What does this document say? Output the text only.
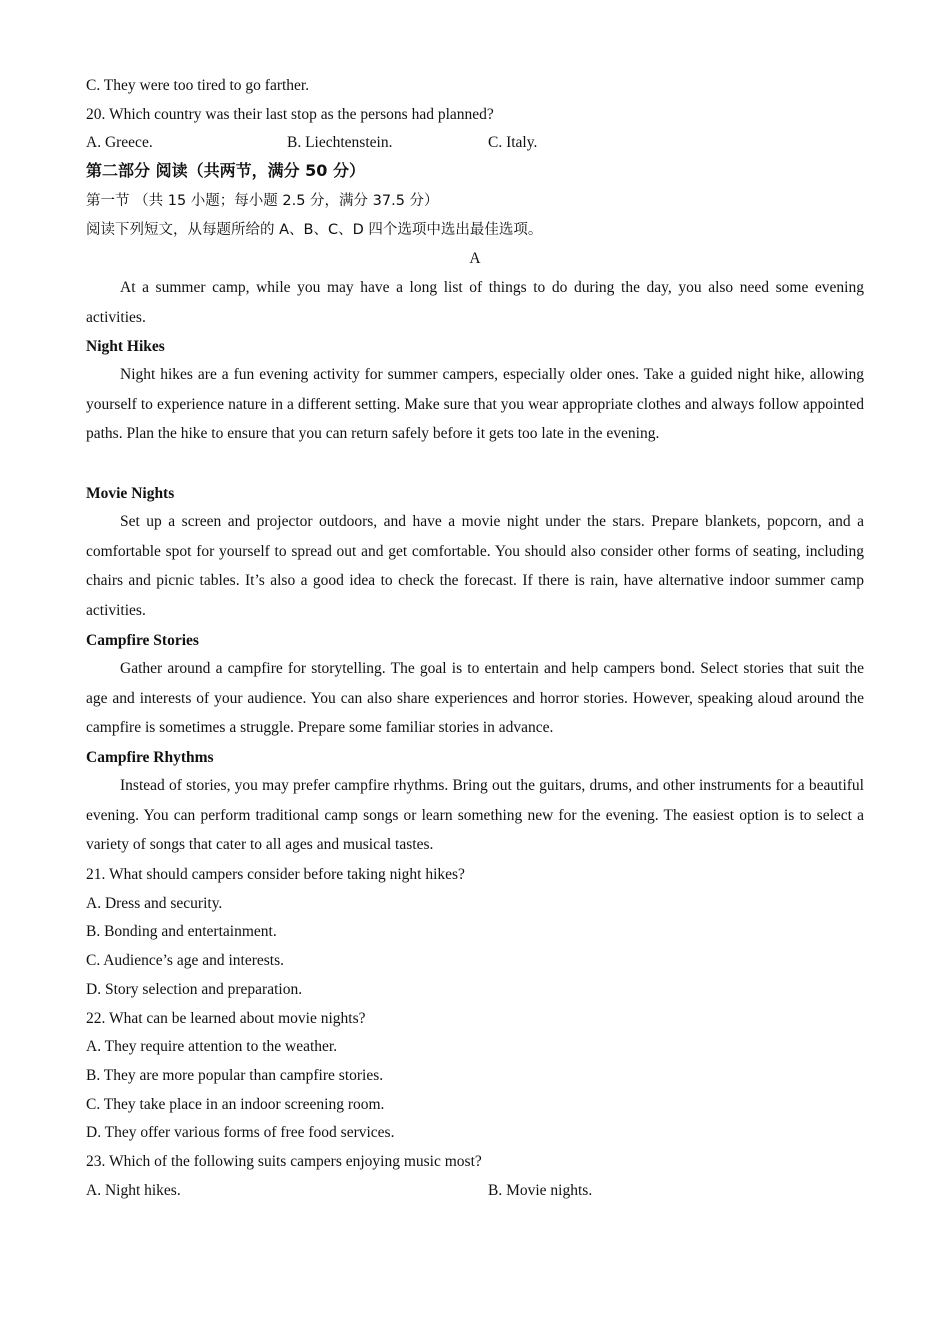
C. They were too tired to go farther.
20. Which country was their last stop as the persons had planned?
A. Greece.	B. Liechtenstein.	C. Italy.
第二部分 阅读（共两节，满分 50 分）
第一节 （共 15 小题；每小题 2.5 分，满分 37.5 分）
阅读下列短文，从每题所给的 A、B、C、D 四个选项中选出最佳选项。
A
At a summer camp, while you may have a long list of things to do during the day, you also need some evening activities.
Night Hikes
Night hikes are a fun evening activity for summer campers, especially older ones. Take a guided night hike, allowing yourself to experience nature in a different setting. Make sure that you wear appropriate clothes and always follow appointed paths. Plan the hike to ensure that you can return safely before it gets too late in the evening.
Movie Nights
Set up a screen and projector outdoors, and have a movie night under the stars. Prepare blankets, popcorn, and a comfortable spot for yourself to spread out and get comfortable. You should also consider other forms of seating, including chairs and picnic tables. It’s also a good idea to check the forecast. If there is rain, have alternative indoor summer camp activities.
Campfire Stories
Gather around a campfire for storytelling. The goal is to entertain and help campers bond. Select stories that suit the age and interests of your audience. You can also share experiences and horror stories. However, speaking aloud around the campfire is sometimes a struggle. Prepare some familiar stories in advance.
Campfire Rhythms
Instead of stories, you may prefer campfire rhythms. Bring out the guitars, drums, and other instruments for a beautiful evening. You can perform traditional camp songs or learn something new for the evening. The easiest option is to select a variety of songs that cater to all ages and musical tastes.
21. What should campers consider before taking night hikes?
A. Dress and security.
B. Bonding and entertainment.
C. Audience’s age and interests.
D. Story selection and preparation.
22. What can be learned about movie nights?
A. They require attention to the weather.
B. They are more popular than campfire stories.
C. They take place in an indoor screening room.
D. They offer various forms of free food services.
23. Which of the following suits campers enjoying music most?
A. Night hikes.	B. Movie nights.
